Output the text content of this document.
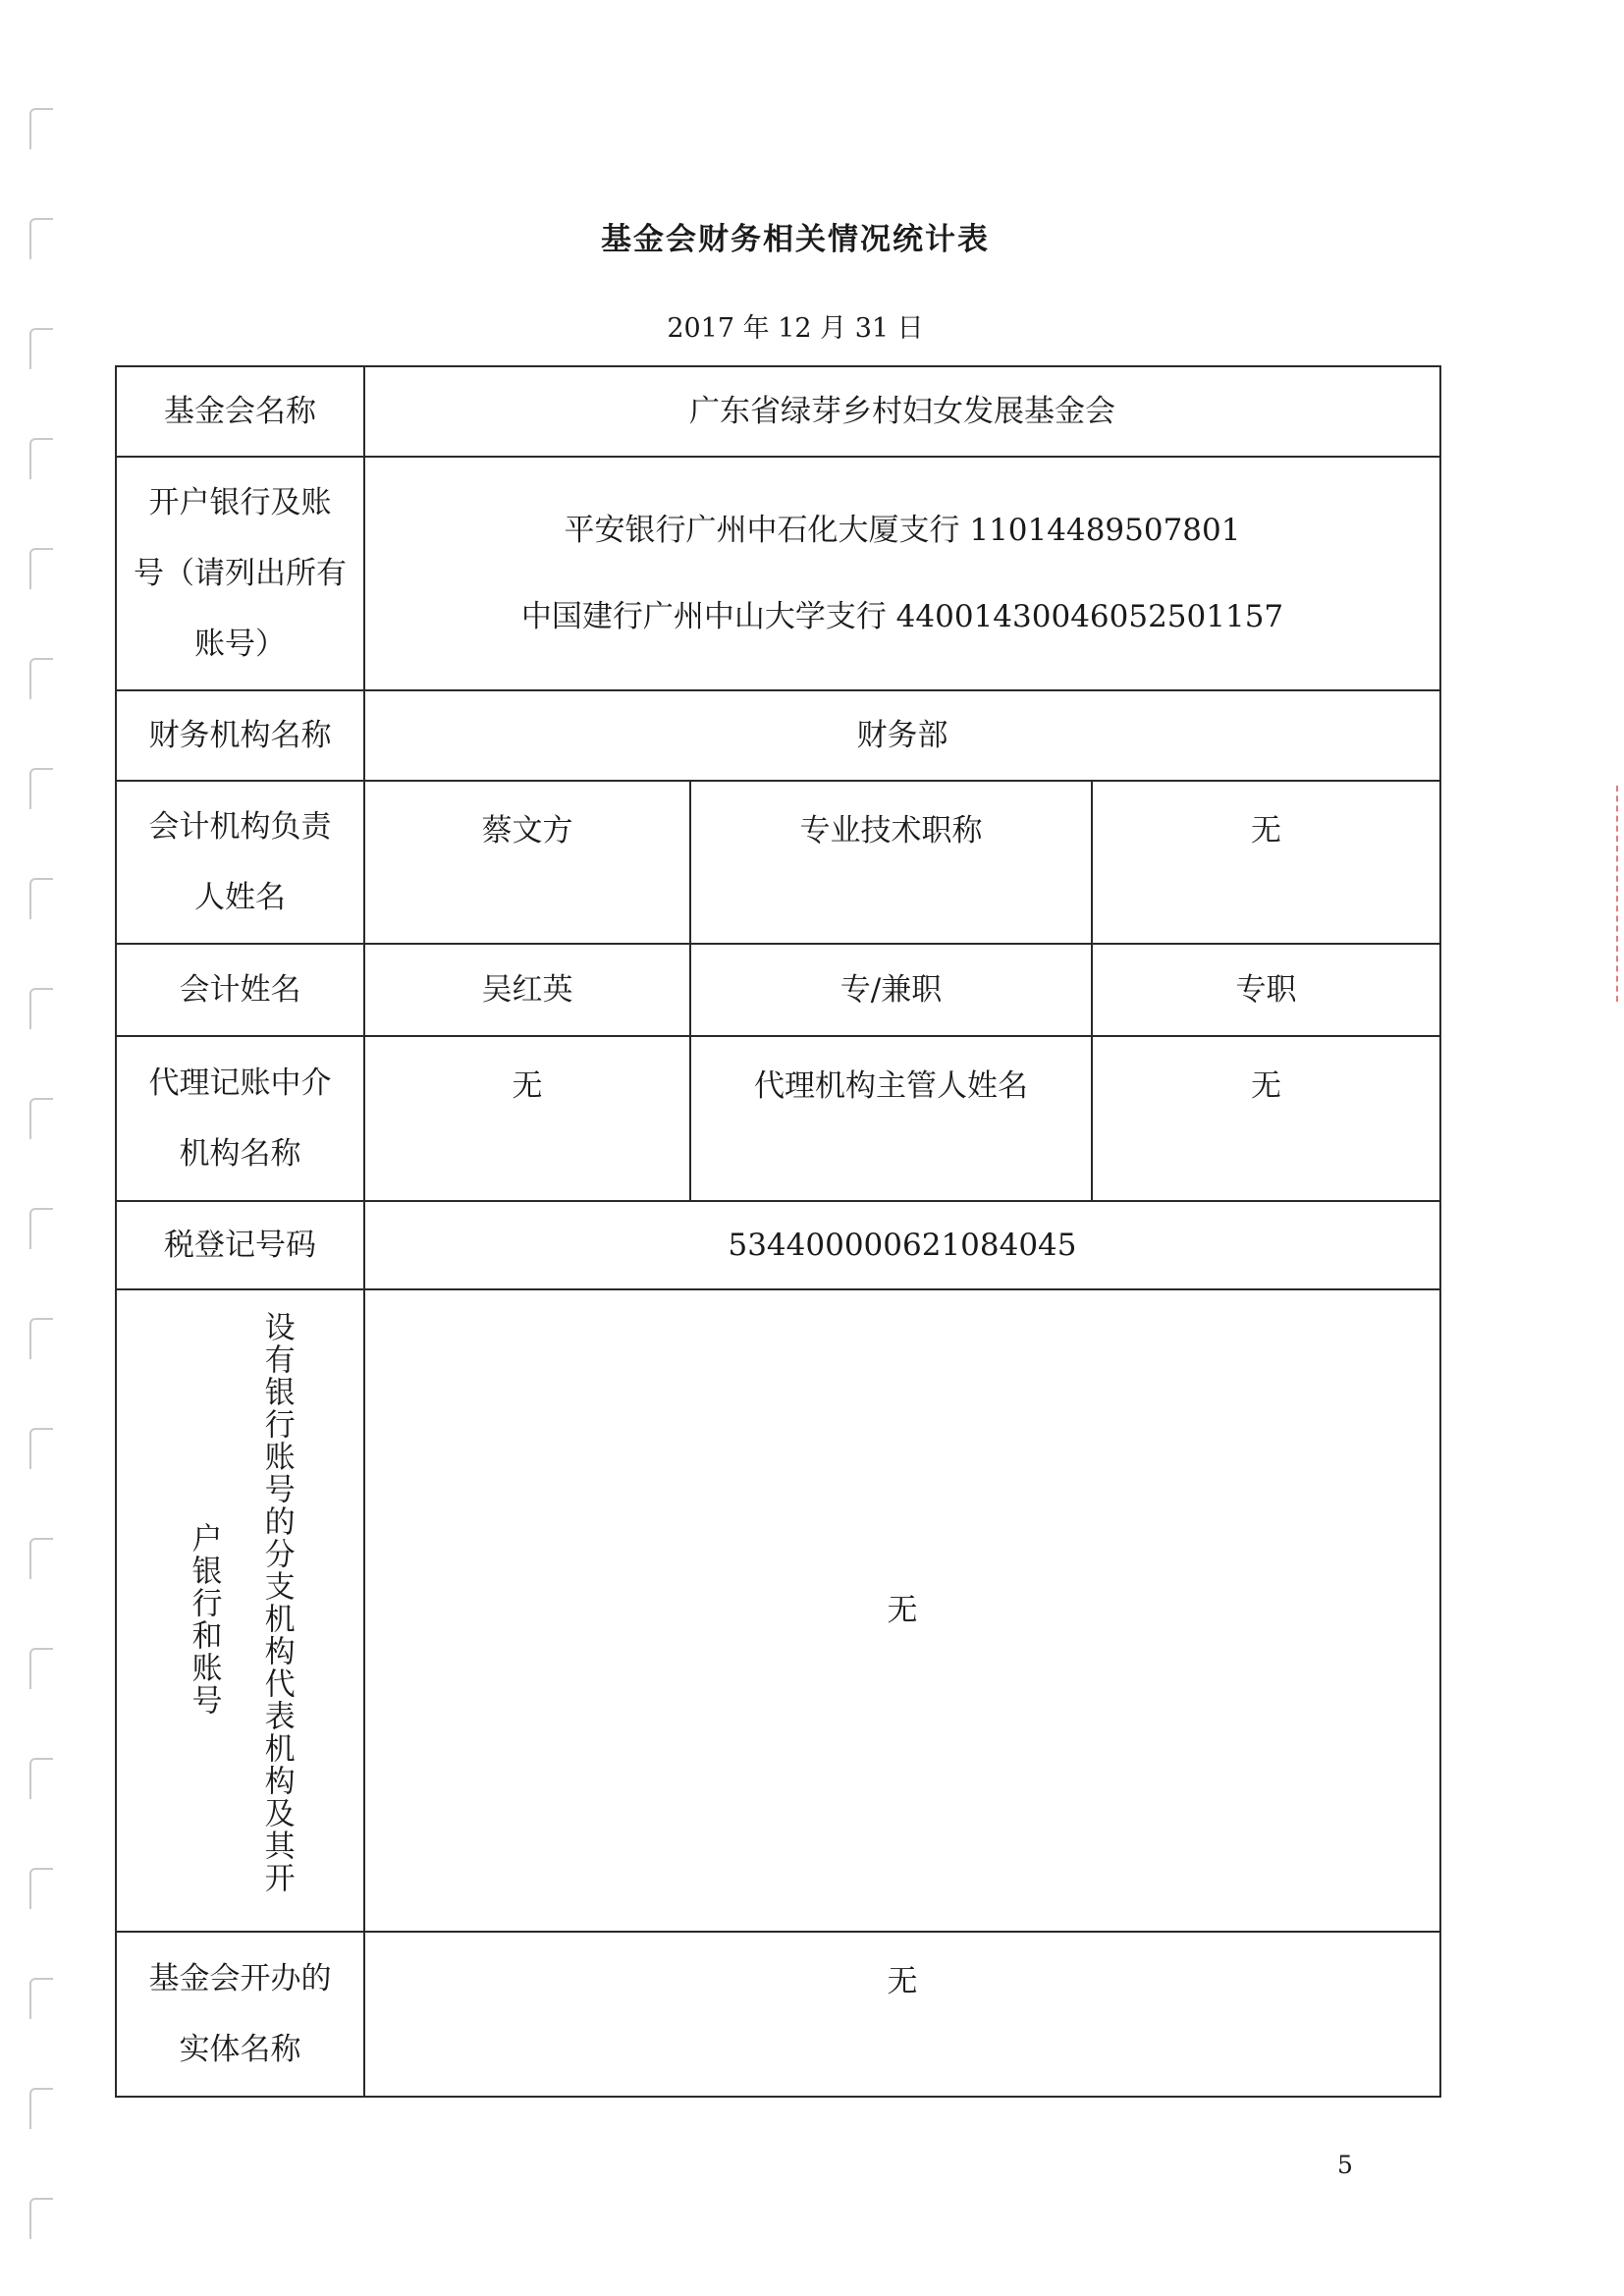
基金会财务相关情况统计表
2017 年 12 月 31 日
基金会名称	广东省绿芽乡村妇女发展基金会		
开户银行及账
号（请列出所有
账号）	平安银行广州中石化大厦支行 11014489507801
中国建行广州中山大学支行 44001430046052501157		

财务机构名称	财务部		
会计机构负责
人姓名	蔡文方	专业技术职称	无
会计姓名	吴红英	专/兼职	专职
代理记账中介
机构名称	无	代理机构主管人姓名	无
税登记号码	534400000621084045		

设有银行账号的分支机构代表机构及其开
户银行和账号	无		
基金会开办的
实体名称	无		
5
